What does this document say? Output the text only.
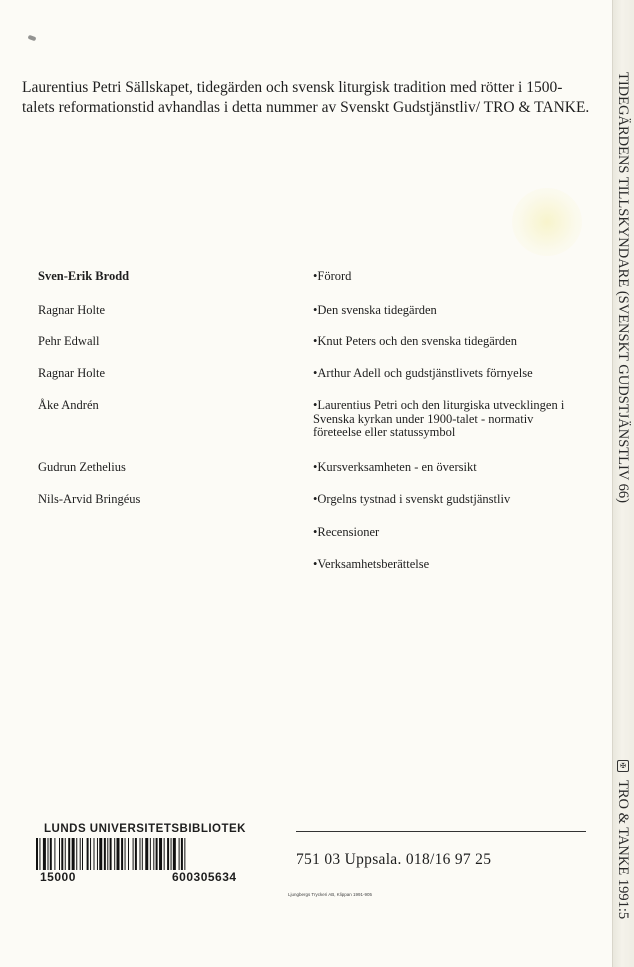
Laurentius Petri Sällskapet, tidegärden och svensk liturgisk tradition med rötter i 1500-talets reformationstid avhandlas i detta nummer av Svenskt Gudstjänstliv/ TRO & TANKE.

Sven-Erik Brodd	•Förord
Ragnar Holte	•Den svenska tidegärden
Pehr Edwall	•Knut Peters och den svenska tidegärden
Ragnar Holte	•Arthur Adell och gudstjänstlivets förnyelse
Åke Andrén	•Laurentius Petri och den liturgiska utvecklingen i Svenska kyrkan under 1900-talet - normativ företeelse eller statussymbol
Gudrun Zethelius	•Kursverksamheten - en översikt
Nils-Arvid Bringéus	•Orgelns tystnad i svenskt gudstjänstliv
•Recensioner
•Verksamhetsberättelse
LUNDS UNIVERSITETSBIBLIOTEK
15000	600305634
751 03 Uppsala. 018/16 97 25
Ljungbergs Tryckeri AB, Klippan 1991-905
TIDEGÄRDENS TILLSKYNDARE (SVENSKT GUDSTJÄNSTLIV 66)
✠
TRO & TANKE 1991:5
